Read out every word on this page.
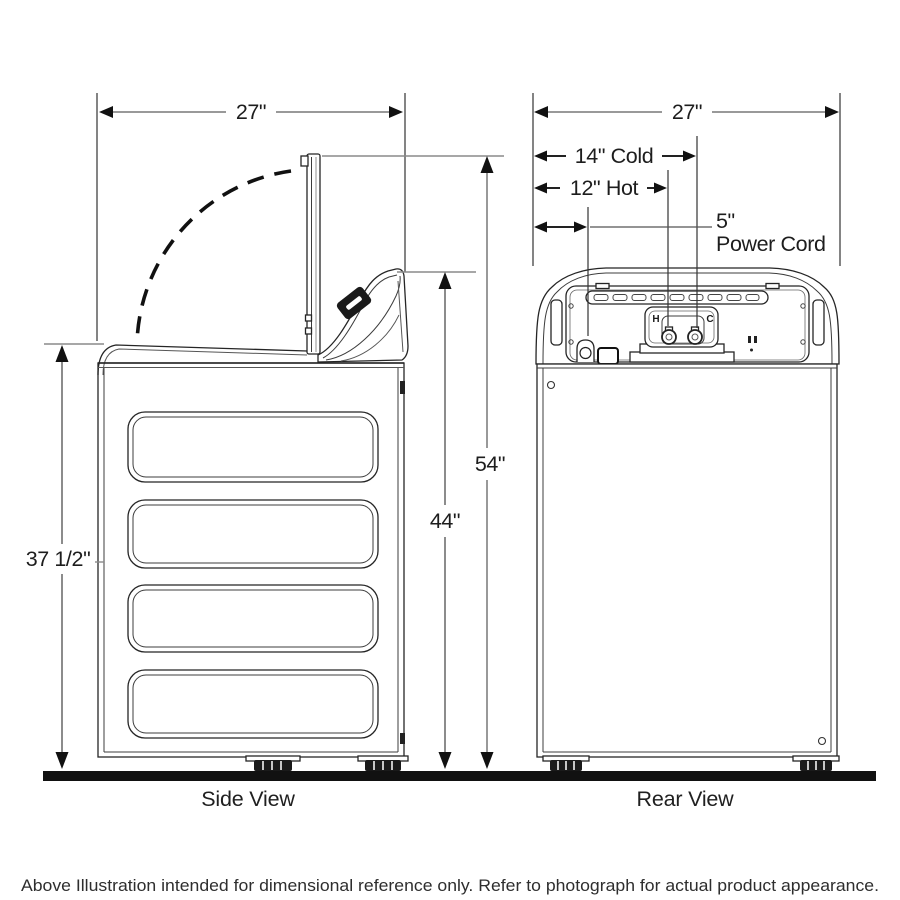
27"
54"
44"
37 1/2"
H	C
27"
14" Cold
12" Hot
5"
Power Cord
Side View	Rear View
Above Illustration intended for dimensional reference only. Refer to photograph for actual product appearance.
